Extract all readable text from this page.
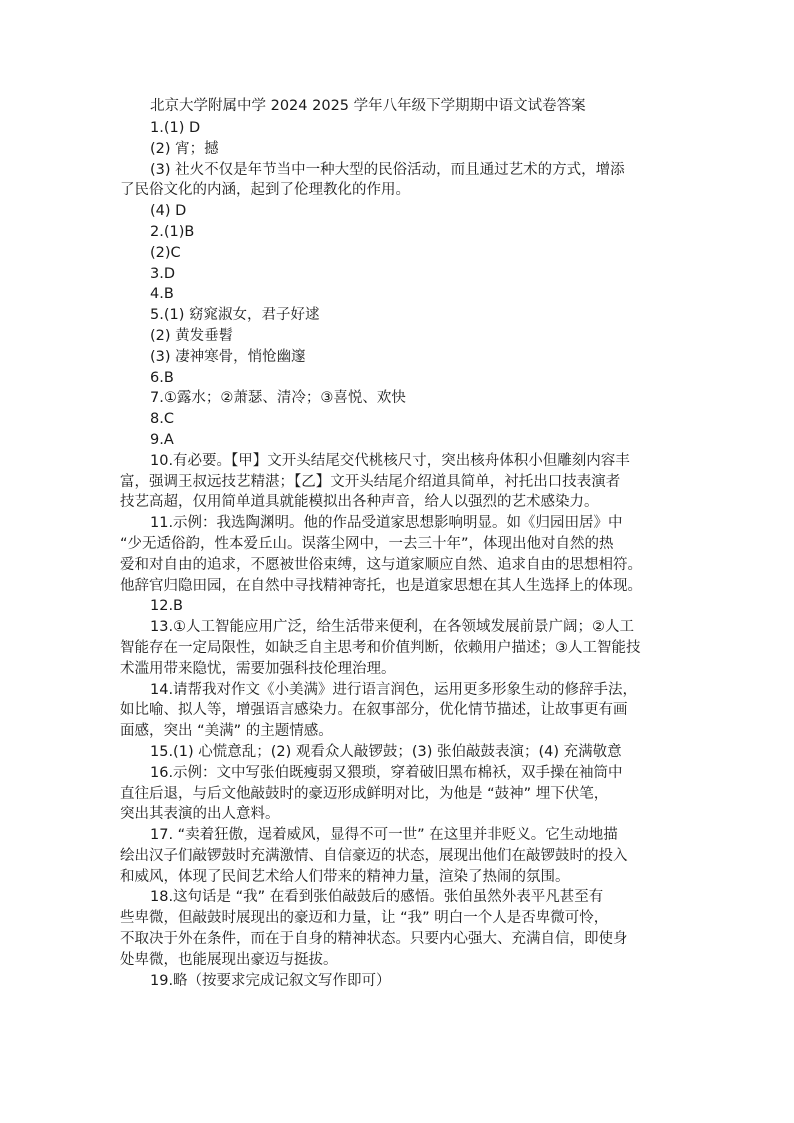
北京大学附属中学 2024 2025 学年八年级下学期期中语文试卷答案
1.(1) D
(2) 宵；撼
(3) 社火不仅是年节当中一种大型的民俗活动，而且通过艺术的方式，增添
了民俗文化的内涵，起到了伦理教化的作用。
(4) D
2.(1)B
(2)C
3.D
4.B
5.(1) 窈窕淑女，君子好逑
(2) 黄发垂髫
(3) 凄神寒骨，悄怆幽邃
6.B
7.①露水；②萧瑟、清冷；③喜悦、欢快
8.C
9.A
10.有必要。【甲】文开头结尾交代桃核尺寸，突出核舟体积小但雕刻内容丰
富，强调王叔远技艺精湛；【乙】文开头结尾介绍道具简单，衬托出口技表演者
技艺高超，仅用简单道具就能模拟出各种声音，给人以强烈的艺术感染力。
11.示例：我选陶渊明。他的作品受道家思想影响明显。如《归园田居》中
“少无适俗韵，性本爱丘山。误落尘网中，一去三十年”，体现出他对自然的热
爱和对自由的追求，不愿被世俗束缚，这与道家顺应自然、追求自由的思想相符。
他辞官归隐田园，在自然中寻找精神寄托，也是道家思想在其人生选择上的体现。
12.B
13.①人工智能应用广泛，给生活带来便利，在各领域发展前景广阔；②人工
智能存在一定局限性，如缺乏自主思考和价值判断，依赖用户描述；③人工智能技
术滥用带来隐忧，需要加强科技伦理治理。
14.请帮我对作文《小美满》进行语言润色，运用更多形象生动的修辞手法，
如比喻、拟人等，增强语言感染力。在叙事部分，优化情节描述，让故事更有画
面感，突出 “美满” 的主题情感。
15.(1) 心慌意乱；(2) 观看众人敲锣鼓；(3) 张伯敲鼓表演；(4) 充满敬意
16.示例：文中写张伯既瘦弱又猥琐，穿着破旧黑布棉袄，双手操在袖筒中
直往后退，与后文他敲鼓时的豪迈形成鲜明对比，为他是 “鼓神” 埋下伏笔，
突出其表演的出人意料。
17. “卖着狂傲，逞着威风，显得不可一世” 在这里并非贬义。它生动地描
绘出汉子们敲锣鼓时充满激情、自信豪迈的状态，展现出他们在敲锣鼓时的投入
和威风，体现了民间艺术给人们带来的精神力量，渲染了热闹的氛围。
18.这句话是 “我” 在看到张伯敲鼓后的感悟。张伯虽然外表平凡甚至有
些卑微，但敲鼓时展现出的豪迈和力量，让 “我” 明白一个人是否卑微可怜，
不取决于外在条件，而在于自身的精神状态。只要内心强大、充满自信，即使身
处卑微，也能展现出豪迈与挺拔。
19.略（按要求完成记叙文写作即可）
